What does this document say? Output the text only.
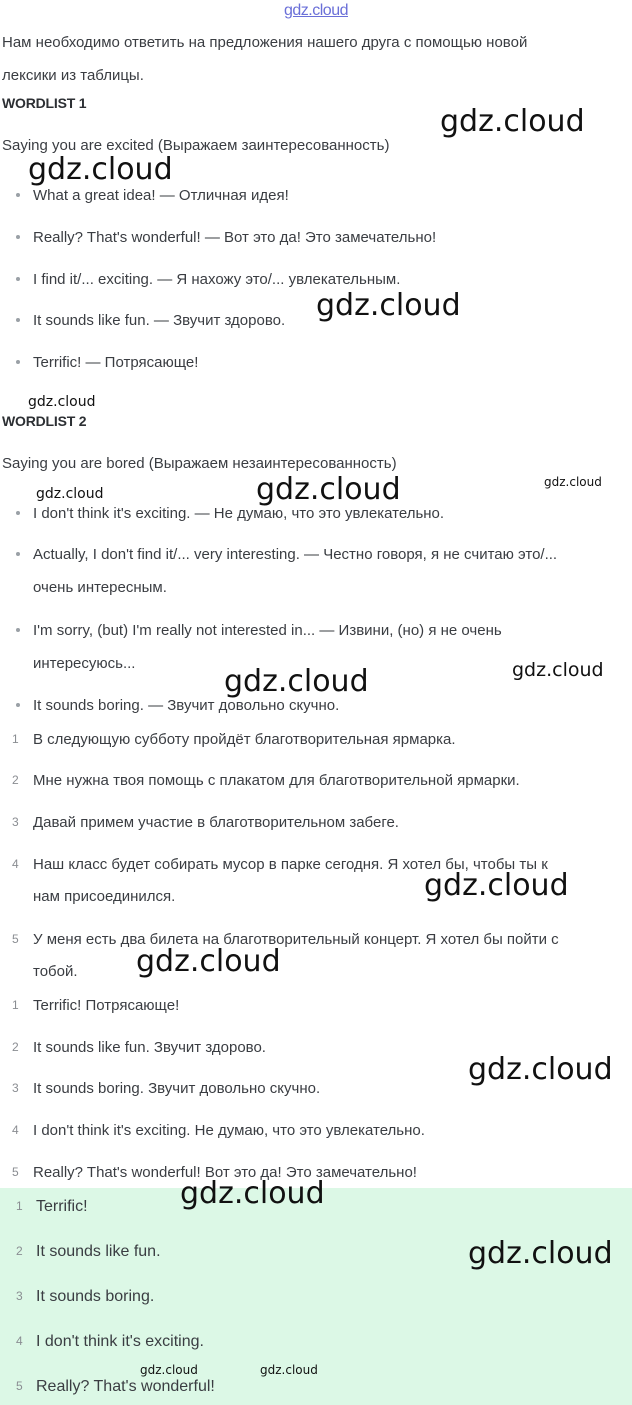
gdz.cloud
Нам необходимо ответить на предложения нашего друга с помощью новой
лексики из таблицы.
WORDLIST 1
Saying you are excited (Выражаем заинтересованность)
What a great idea! — Отличная идея!
Really? That's wonderful! — Вот это да! Это замечательно!
I find it/... exciting. — Я нахожу это/... увлекательным.
It sounds like fun. — Звучит здорово.
Terrific! — Потрясающе!
WORDLIST 2
Saying you are bored (Выражаем незаинтересованность)
I don't think it's exciting. — Не думаю, что это увлекательно.
Actually, I don't find it/... very interesting. — Честно говоря, я не считаю это/...
очень интересным.
I'm sorry, (but) I'm really not interested in... — Извини, (но) я не очень
интересуюсь...
It sounds boring. — Звучит довольно скучно.
1 В следующую субботу пройдёт благотворительная ярмарка.
2 Мне нужна твоя помощь с плакатом для благотворительной ярмарки.
3 Давай примем участие в благотворительном забеге.
4 Наш класс будет собирать мусор в парке сегодня. Я хотел бы, чтобы ты к
нам присоединился.
5 У меня есть два билета на благотворительный концерт. Я хотел бы пойти с
тобой.
1 Terrific! Потрясающе!
2 It sounds like fun. Звучит здорово.
3 It sounds boring. Звучит довольно скучно.
4 I don't think it's exciting. Не думаю, что это увлекательно.
5 Really? That's wonderful! Вот это да! Это замечательно!
1 Terrific!
2 It sounds like fun.
3 It sounds boring.
4 I don't think it's exciting.
5 Really? That's wonderful!
gdz.cloud
gdz.cloud
gdz.cloud
gdz.cloud
gdz.cloud	gdz.cloud	gdz.cloud
gdz.cloud	gdz.cloud
gdz.cloud
gdz.cloud
gdz.cloud
gdz.cloud
gdz.cloud
gdz.cloud	gdz.cloud
